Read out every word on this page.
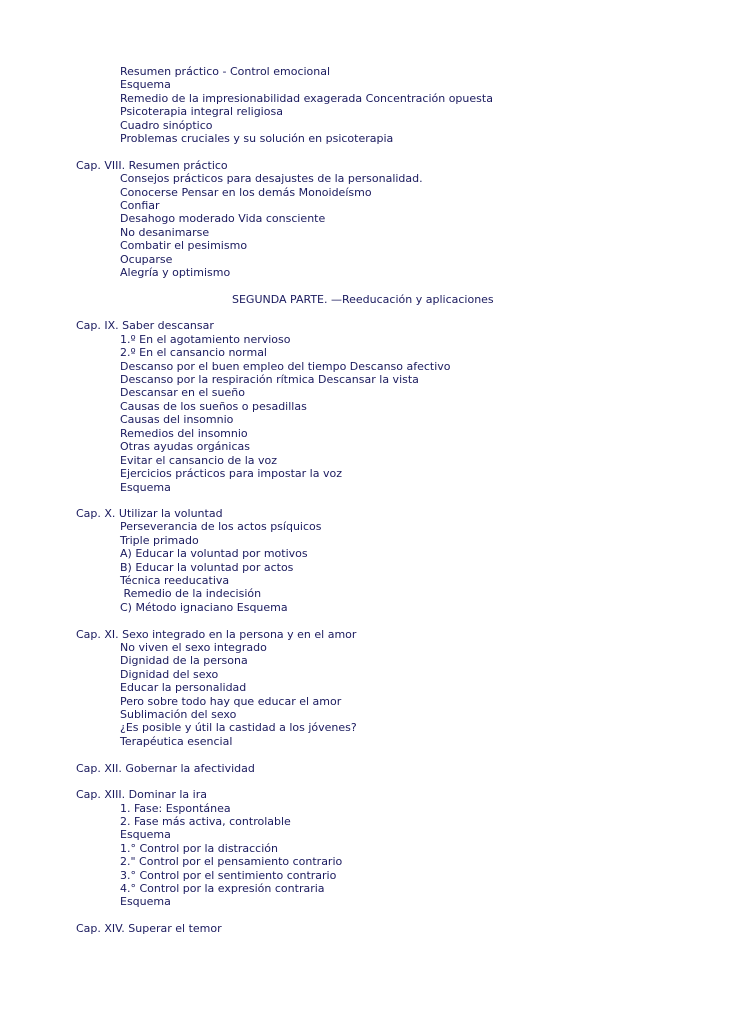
Resumen práctico - Control emocional
Esquema
Remedio de la impresionabilidad exagerada Concentración opuesta
Psicoterapia integral religiosa
Cuadro sinóptico
Problemas cruciales y su solución en psicoterapia
Cap. VIII. Resumen práctico
Consejos prácticos para desajustes de la personalidad.
Conocerse Pensar en los demás Monoideísmo
Confiar
Desahogo moderado Vida consciente
No desanimarse
Combatir el pesimismo
Ocuparse
Alegría y optimismo
SEGUNDA PARTE. —Reeducación y aplicaciones
Cap. IX. Saber descansar
1.º En el agotamiento nervioso
2.º En el cansancio normal
Descanso por el buen empleo del tiempo Descanso afectivo
Descanso por la respiración rítmica Descansar la vista
Descansar en el sueño
Causas de los sueños o pesadillas
Causas del insomnio
Remedios del insomnio
Otras ayudas orgánicas
Evitar el cansancio de la voz
Ejercicios prácticos para impostar la voz
Esquema
Cap. X. Utilizar la voluntad
Perseverancia de los actos psíquicos
Triple primado
A) Educar la voluntad por motivos
B) Educar la voluntad por actos
Técnica reeducativa
Remedio de la indecisión
C) Método ignaciano Esquema
Cap. XI. Sexo integrado en la persona y en el amor
No viven el sexo integrado
Dignidad de la persona
Dignidad del sexo
Educar la personalidad
Pero sobre todo hay que educar el amor
Sublimación del sexo
¿Es posible y útil la castidad a los jóvenes?
Terapéutica esencial
Cap. XII. Gobernar la afectividad
Cap. XIII. Dominar la ira
1. Fase: Espontánea
2. Fase más activa, controlable
Esquema
1.° Control por la distracción
2." Control por el pensamiento contrario
3.° Control por el sentimiento contrario
4.° Control por la expresión contraria
Esquema
Cap. XIV. Superar el temor
